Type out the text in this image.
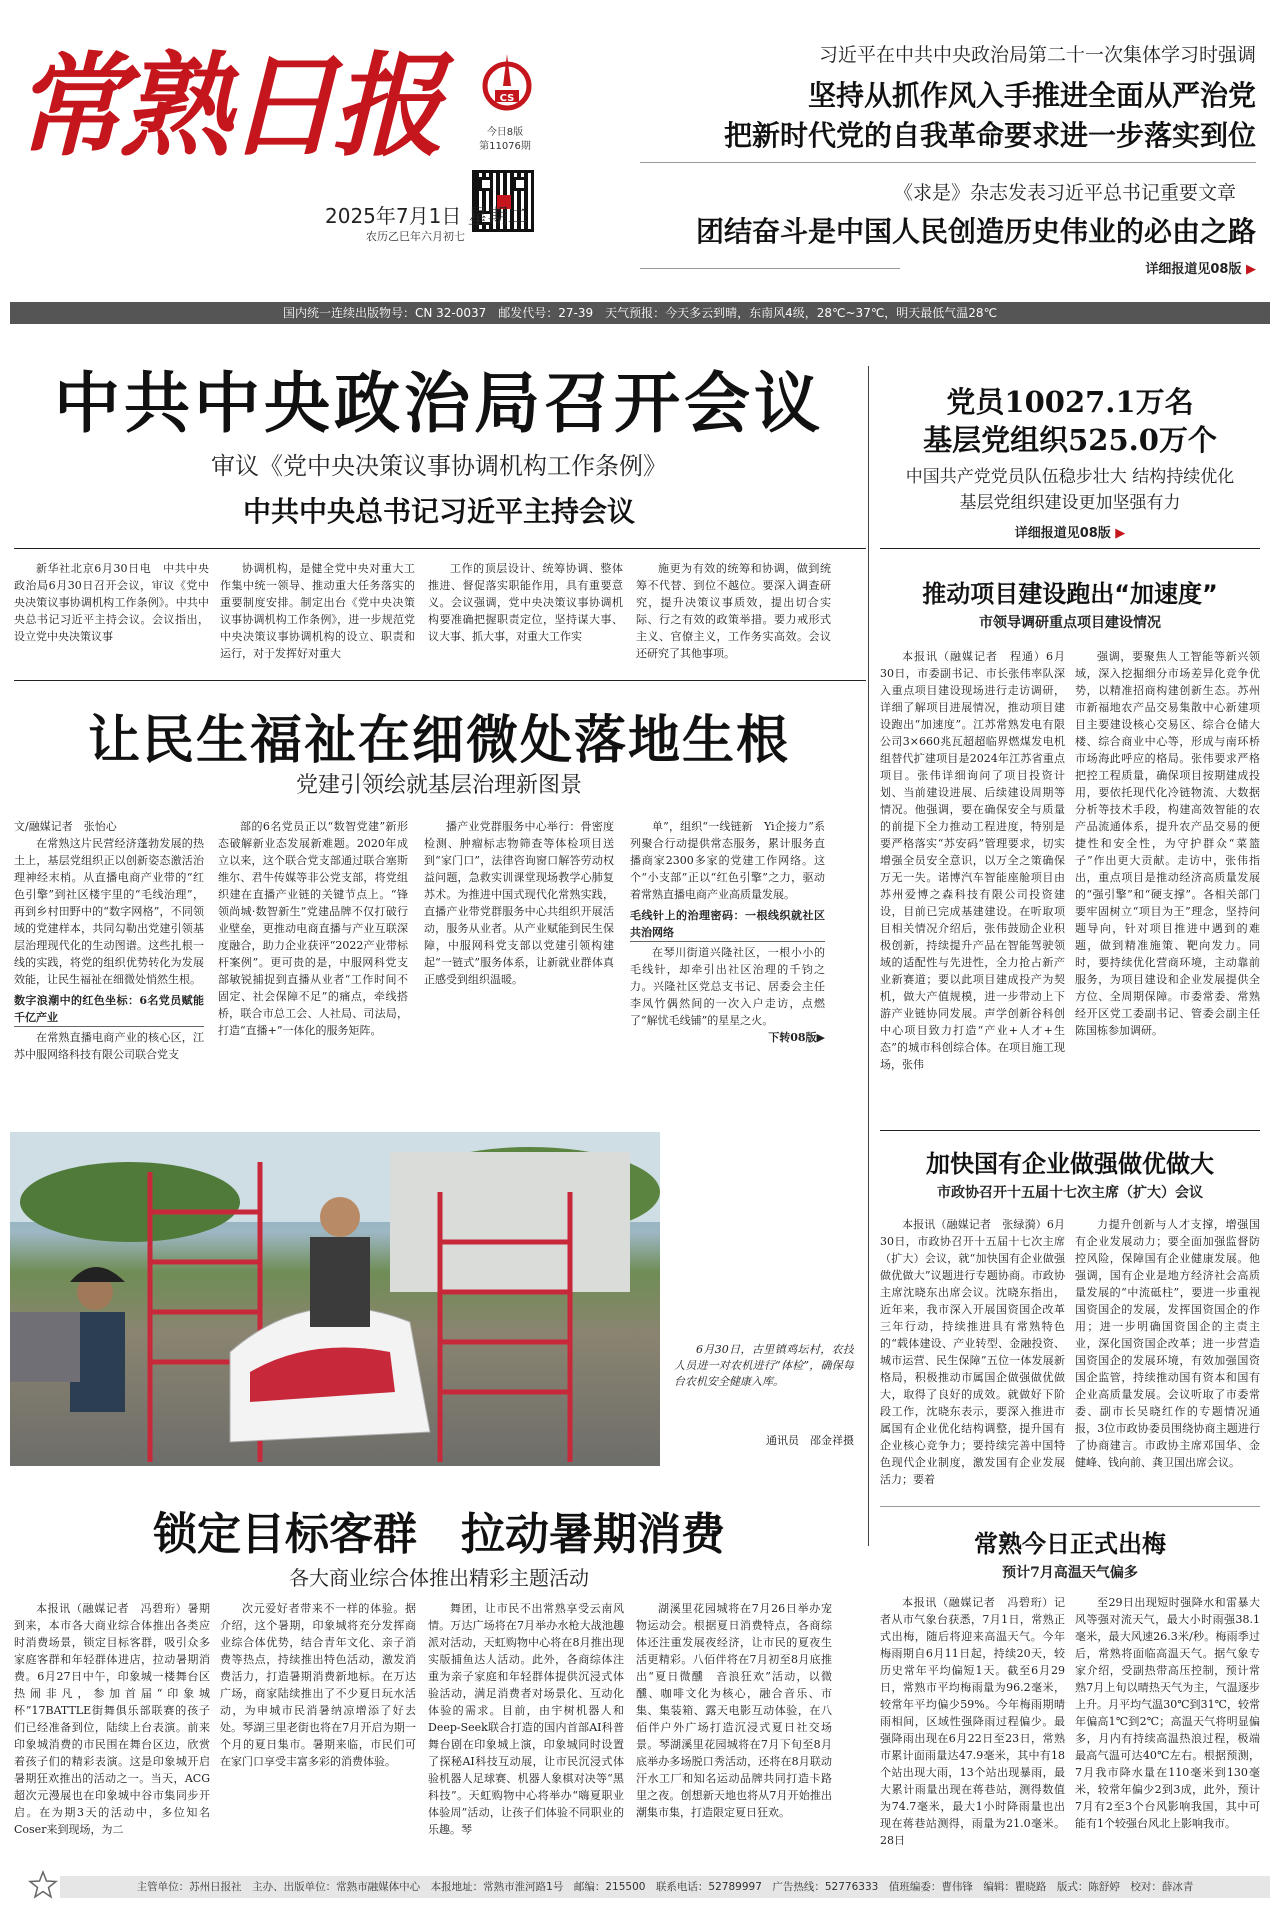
常熟日报	CS
今日8版
第11076期
2025年7月1日 星期二
农历乙巳年六月初七
习近平在中共中央政治局第二十一次集体学习时强调
坚持从抓作风入手推进全面从严治党
把新时代党的自我革命要求进一步落实到位
《求是》杂志发表习近平总书记重要文章
团结奋斗是中国人民创造历史伟业的必由之路
详细报道见08版 ▶
国内统一连续出版物号：CN 32-0037　邮发代号：27-39　天气预报：今天多云到晴，东南风4级，28℃~37℃，明天最低气温28℃
中共中央政治局召开会议
审议《党中央决策议事协调机构工作条例》
中共中央总书记习近平主持会议

新华社北京6月30日电　中共中央政治局6月30日召开会议，审议《党中央决策议事协调机构工作条例》。中共中央总书记习近平主持会议。会议指出，设立党中央决策议事

协调机构，是健全党中央对重大工作集中统一领导、推动重大任务落实的重要制度安排。制定出台《党中央决策议事协调机构工作条例》，进一步规范党中央决策议事协调机构的设立、职责和运行，对于发挥好对重大

工作的顶层设计、统筹协调、整体推进、督促落实职能作用，具有重要意义。会议强调，党中央决策议事协调机构要准确把握职责定位，坚持谋大事、议大事、抓大事，对重大工作实

施更为有效的统筹和协调，做到统筹不代替、到位不越位。要深入调查研究，提升决策议事质效，提出切合实际、行之有效的政策举措。要力戒形式主义、官僚主义，工作务实高效。会议还研究了其他事项。

党员10027.1万名
基层党组织525.0万个
中国共产党党员队伍稳步壮大 结构持续优化
基层党组织建设更加坚强有力
详细报道见08版 ▶
让民生福祉在细微处落地生根
党建引领绘就基层治理新图景
文/融媒记者　张怡心

在常熟这片民营经济蓬勃发展的热土上，基层党组织正以创新姿态激活治理神经末梢。从直播电商产业带的“红色引擎”到社区楼宇里的“毛线治理”，再到乡村田野中的“数字网格”，不同领域的党建样本，共同勾勒出党建引领基层治理现代化的生动图谱。这些扎根一线的实践，将党的组织优势转化为发展效能，让民生福祉在细微处悄然生根。

数字浪潮中的红色坐标：6名党员赋能千亿产业

在常熟直播电商产业的核心区，江苏中服网络科技有限公司联合党支

部的6名党员正以“数智党建”新形态破解新业态发展新难题。2020年成立以来，这个联合党支部通过联合塞斯维尔、君牛传媒等非公党支部，将党组织建在直播产业链的关键节点上。“锋领尚城·数智新生”党建品牌不仅打破行业壁垒，更推动电商直播与产业互联深度融合，助力企业获评“2022产业带标杆案例”。更可贵的是，中服网科党支部敏锐捕捉到直播从业者“工作时间不固定、社会保障不足”的痛点，牵线搭桥，联合市总工会、人社局、司法局，打造“直播+”一体化的服务矩阵。

播产业党群服务中心举行：骨密度检测、肿瘤标志物筛查等体检项目送到“家门口”，法律咨询窗口解答劳动权益问题，急救实训课堂现场教学心肺复苏术。为推进中国式现代化常熟实践，直播产业带党群服务中心共组织开展活动，服务从业者。从产业赋能到民生保障，中服网科党支部以党建引领构建起“一链式”服务体系，让新就业群体真正感受到组织温暖。

单”，组织“一线链新　Yi企接力”系列聚合行动提供常态服务，累计服务直播商家2300多家的党建工作网络。这个“小支部”正以“红色引擎”之力，驱动着常熟直播电商产业高质量发展。

毛线针上的治理密码：一根线织就社区共治网络

在琴川街道兴隆社区，一根小小的毛线针，却牵引出社区治理的千钧之力。兴隆社区党总支书记、居委会主任李凤竹偶然间的一次入户走访，点燃了“解忧毛线铺”的星星之火。

下转08版▶
6月30日，古里镇鸡坛村，农技人员进一对农机进行“体检”，确保每台农机安全健康入库。
通讯员　邵金祥摄
推动项目建设跑出“加速度”
市领导调研重点项目建设情况

本报讯（融媒记者　程通）6月30日，市委副书记、市长张伟率队深入重点项目建设现场进行走访调研，详细了解项目进展情况，推动项目建设跑出“加速度”。江苏常熟发电有限公司3×660兆瓦超超临界燃煤发电机组替代扩建项目是2024年江苏省重点项目。张伟详细询问了项目投资计划、当前建设进展、后续建设周期等情况。他强调，要在确保安全与质量的前提下全力推动工程进度，特别是要严格落实“苏安码”管理要求，切实增强全员安全意识，以万全之策确保万无一失。诺博汽车智能座舱项目由苏州爱博之森科技有限公司投资建设，目前已完成基建建设。在听取项目相关情况介绍后，张伟鼓励企业积极创新，持续提升产品在智能驾驶领域的适配性与先进性，全力抢占新产业新赛道；要以此项目建成投产为契机，做大产值规模，进一步带动上下游产业链协同发展。声学创新谷科创中心项目致力打造“产业+人才+生态”的城市科创综合体。在项目施工现场，张伟

强调，要聚焦人工智能等新兴领域，深入挖掘细分市场差异化竞争优势，以精准招商构建创新生态。苏州市新福地农产品交易集散中心新建项目主要建设核心交易区、综合仓储大楼、综合商业中心等，形成与南环桥市场海此呼应的格局。张伟要求严格把控工程质量，确保项目按期建成投用，要依托现代化冷链物流、大数据分析等技术手段，构建高效智能的农产品流通体系，提升农产品交易的便捷性和安全性，为守护群众“菜篮子”作出更大贡献。走访中，张伟指出，重点项目是推动经济高质量发展的“强引擎”和“硬支撑”。各相关部门要牢固树立“项目为王”理念，坚持问题导向，针对项目推进中遇到的难题，做到精准施策、靶向发力。同时，要持续优化营商环境，主动靠前服务，为项目建设和企业发展提供全方位、全周期保障。市委常委、常熟经开区党工委副书记、管委会副主任陈国栋参加调研。

加快国有企业做强做优做大
市政协召开十五届十七次主席（扩大）会议

本报讯（融媒记者　张绿漪）6月30日，市政协召开十五届十七次主席（扩大）会议，就“加快国有企业做强做优做大”议题进行专题协商。市政协主席沈晓东出席会议。沈晓东指出，近年来，我市深入开展国资国企改革三年行动，持续推进具有常熟特色的“载体建设、产业转型、金融投资、城市运营、民生保障”五位一体发展新格局，积极推动市属国企做强做优做大，取得了良好的成效。就做好下阶段工作，沈晓东表示，要深入推进市属国有企业优化结构调整，提升国有企业核心竞争力；要持续完善中国特色现代企业制度，激发国有企业发展活力；要着

力提升创新与人才支撑，增强国有企业发展动力；要全面加强监督防控风险，保障国有企业健康发展。他强调，国有企业是地方经济社会高质量发展的“中流砥柱”，要进一步重视国资国企的发展，发挥国资国企的作用；进一步明确国资国企的主责主业，深化国资国企改革；进一步营造国资国企的发展环境，有效加强国资国企监管，持续推动国有资本和国有企业高质量发展。会议听取了市委常委、副市长吴晓红作的专题情况通报，3位市政协委员围绕协商主题进行了协商建言。市政协主席邓国华、金健峰、钱向前、龚卫国出席会议。

锁定目标客群　拉动暑期消费
各大商业综合体推出精彩主题活动

本报讯（融媒记者　冯碧珩）暑期到来，本市各大商业综合体推出各类应时消费场景，锁定目标客群，吸引众多家庭客群和年轻群体进店，拉动暑期消费。6月27日中午，印象城一楼舞台区热闹非凡，参加首届“印象城杯”17BATTLE街舞俱乐部联赛的孩子们已经准备到位，陆续上台表演。前来印象城消费的市民围在舞台区边，欣赏着孩子们的精彩表演。这是印象城开启暑期狂欢推出的活动之一。当天，ACG超次元漫展也在印象城中谷市集同步开启。在为期3天的活动中，多位知名Coser来到现场，为二

次元爱好者带来不一样的体验。据介绍，这个暑期，印象城将充分发挥商业综合体优势，结合青年文化、亲子消费等热点，持续推出特色活动，激发消费活力，打造暑期消费新地标。在万达广场，商家陆续推出了不少夏日玩水活动，为申城市民消暑纳凉增添了好去处。琴湖三里老街也将在7月开启为期一个月的夏日集市。暑期来临，市民们可在家门口享受丰富多彩的消费体验。

舞团，让市民不出常熟享受云南风情。万达广场将在7月举办水枪大战池趣派对活动，天虹购物中心将在8月推出现实版捕鱼达人活动。此外，各商综体注重为亲子家庭和年轻群体提供沉浸式体验活动，满足消费者对场景化、互动化体验的需求。目前，由宇树机器人和Deep-Seek联合打造的国内首部AI科普舞台剧在印象城上演，印象城同时设置了探秘AI科技互动展，让市民沉浸式体验机器人足球赛、机器人象棋对决等“黑科技”。天虹购物中心将举办“嗨夏职业体验周”活动，让孩子们体验不同职业的乐趣。琴

湖溪里花园城将在7月26日举办宠物运动会。根据夏日消费特点，各商综体还注重发展夜经济，让市民的夏夜生活更精彩。八佰伴将在7月初至8月底推出“夏日微醺　音浪狂欢”活动，以微醺、咖啡文化为核心，融合音乐、市集、集装箱、露天电影互动体验，在八佰伴户外广场打造沉浸式夏日社交场景。琴湖溪里花园城将在7月下旬至8月底举办多场脱口秀活动，还将在8月联动汗水工厂和知名运动品牌共同打造卡路里之夜。创想新天地也将从7月开始推出潮集市集，打造限定夏日狂欢。

常熟今日正式出梅
预计7月高温天气偏多

本报讯（融媒记者　冯碧珩）记者从市气象台获悉，7月1日，常熟正式出梅，随后将迎来高温天气。今年梅雨期自6月11日起，持续20天，较历史常年平均偏短1天。截至6月29日，常熟市平均梅雨量为96.2毫米，较常年平均偏少59%。今年梅雨期晴雨相间，区域性强降雨过程偏少。最强降雨出现在6月22日至23日，常熟市累计面雨量达47.9毫米，其中有18个站出现大雨，13个站出现暴雨，最大累计雨量出现在蒋巷站，测得数值为74.7毫米，最大1小时降雨量也出现在蒋巷站测得，雨量为21.0毫米。28日

至29日出现短时强降水和雷暴大风等强对流天气，最大小时雨强38.1毫米，最大风速26.3米/秒。梅雨季过后，常熟将面临高温天气。据气象专家介绍，受副热带高压控制，预计常熟7月上旬以晴热天气为主，气温逐步上升。月平均气温30℃到31℃，较常年偏高1℃到2℃；高温天气将明显偏多，月内有持续高温热浪过程，极端最高气温可达40℃左右。根据预测，7月我市降水量在110毫米到130毫米，较常年偏少2到3成，此外，预计7月有2至3个台风影响我国，其中可能有1个较强台风北上影响我市。

主管单位：苏州日报社　主办、出版单位：常熟市融媒体中心　本报地址：常熟市淮河路1号　邮编：215500　联系电话：52789997　广告热线：52776333　值班编委：曹伟锋　编辑：瞿晓路　版式：陈舒婷　校对：薛冰青
